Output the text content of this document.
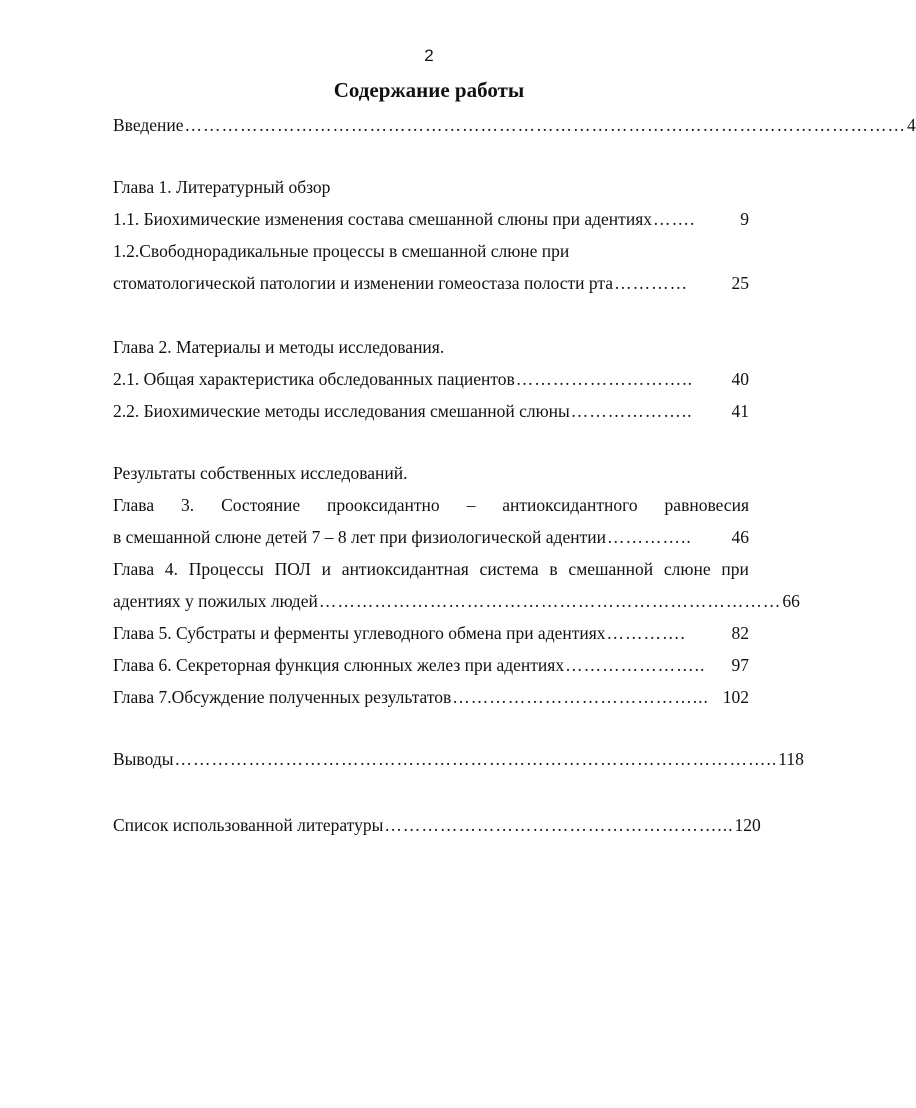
2
Содержание работы
Введение ……………………………………………………………………………………………………… 4
Глава 1. Литературный обзор
1.1. Биохимические изменения состава смешанной слюны при адентиях …….	9
1.2.Свободнорадикальные процессы в смешанной слюне при
стоматологической патологии и изменении гомеостаза полости рта …………	25
Глава 2. Материалы и методы исследования.
2.1. Общая характеристика обследованных пациентов ………………………..	40
2.2. Биохимические методы исследования смешанной слюны ………………..	41
Результаты собственных исследований.
Глава 3. Состояние прооксидантно – антиоксидантного равновесия
в смешанной слюне детей 7 – 8 лет при физиологической адентии …………..	46
Глава 4. Процессы ПОЛ и антиоксидантная система в смешанной слюне при
адентиях у пожилых людей ………………………………………………………………… 66
Глава 5. Субстраты и ферменты углеводного обмена при адентиях ………….	82
Глава 6. Секреторная функция слюнных желез при адентиях …………………..	97
Глава 7.Обсуждение полученных результатов …………………………………... 102
Выводы …………………………………………………………………………………….. 118
Список использованной литературы ………………………………………………... 120
